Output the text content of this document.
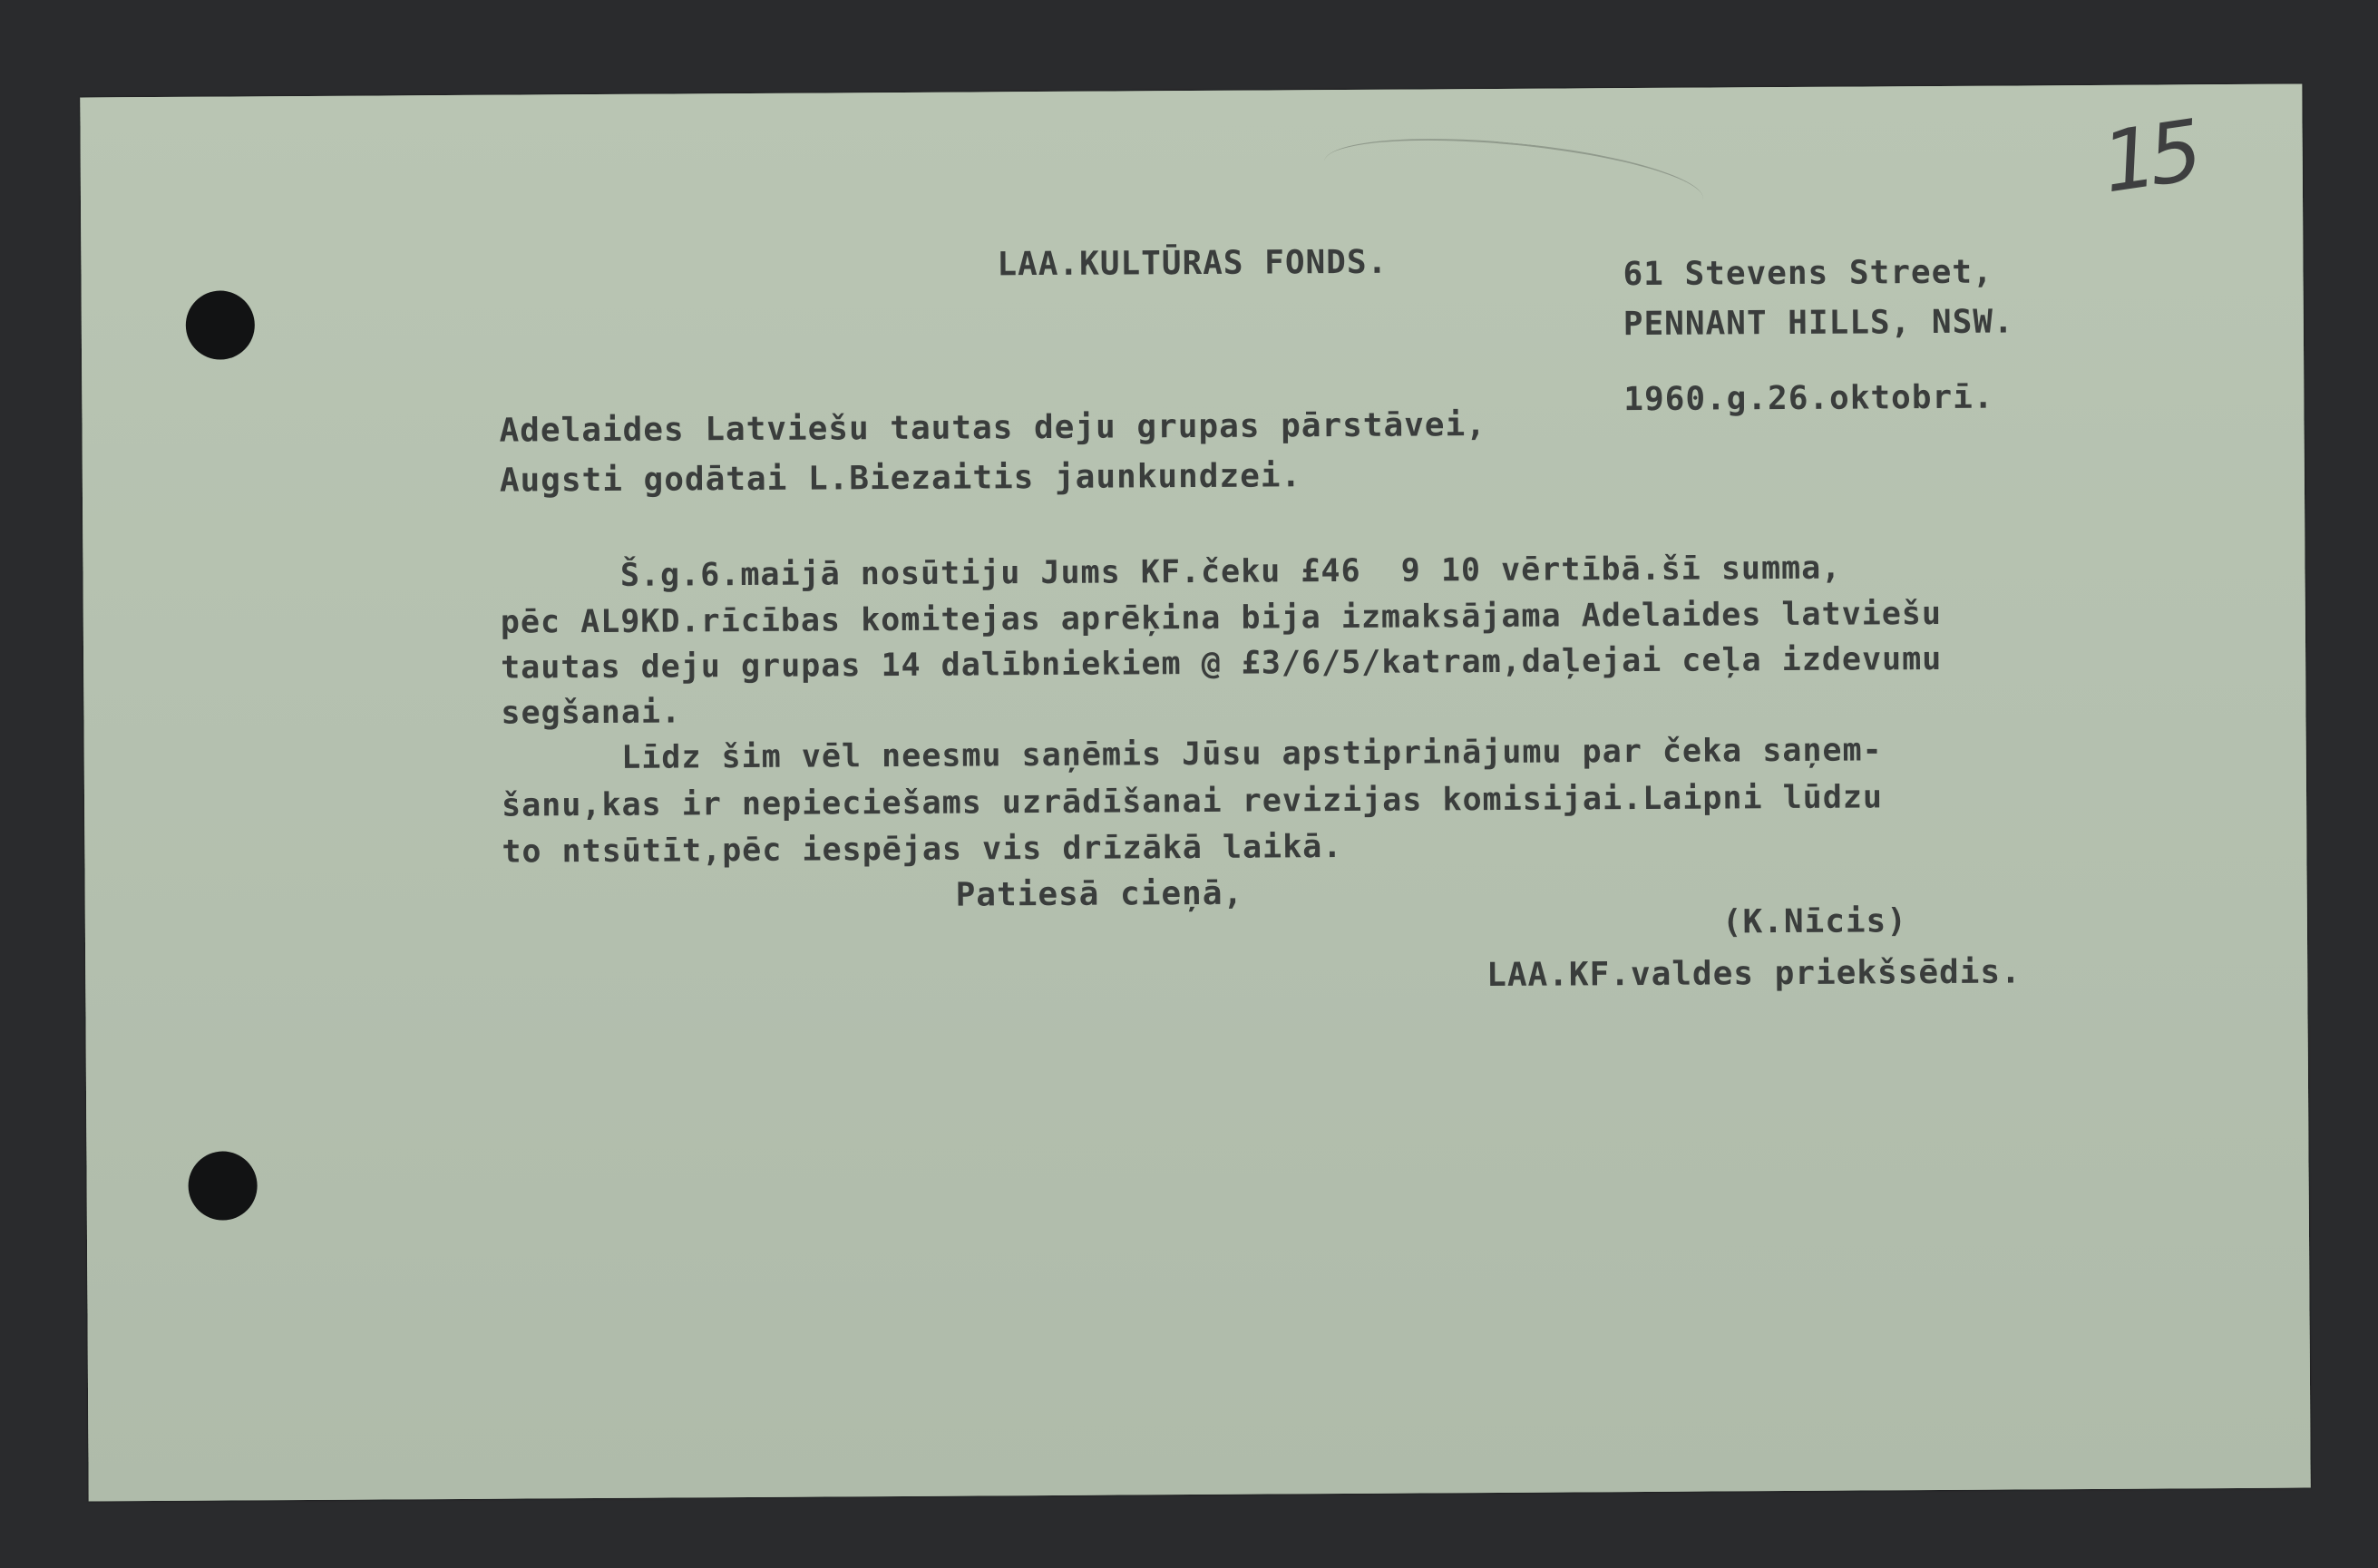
15
LAA.KULTŪRAS FONDS.	61 Stevens Street,
PENNANT HILLS, NSW.
1960.g.26.oktobrī.
Adelaides Latviešu tautas deju grupas pārstāvei,
Augsti godātai L.Biezaitis jaunkundzei.
Š.g.6.maijā nosūtiju Jums KF.čeku £46  9 10 vērtībā.šī summa,
pēc AL9KD.rīcības komitejas aprēķina bija izmaksājama Adelaides latviešu
tautas deju grupas 14 dalībniekiem @ £3/6/5/katram,daļejai ceļa izdevumu
segšanai.
Līdz šim vēl neesmu saņēmis Jūsu apstiprinājumu par čeka saņem-
šanu,kas ir nepieciešams uzrādīšanai revizijas komisijai.Laipni lūdzu
to ntsūtīt,pēc iespējas vis drīzākā laikā.
Patiesā cieņā,
(K.Nīcis)
LAA.KF.valdes priekšsēdis.
